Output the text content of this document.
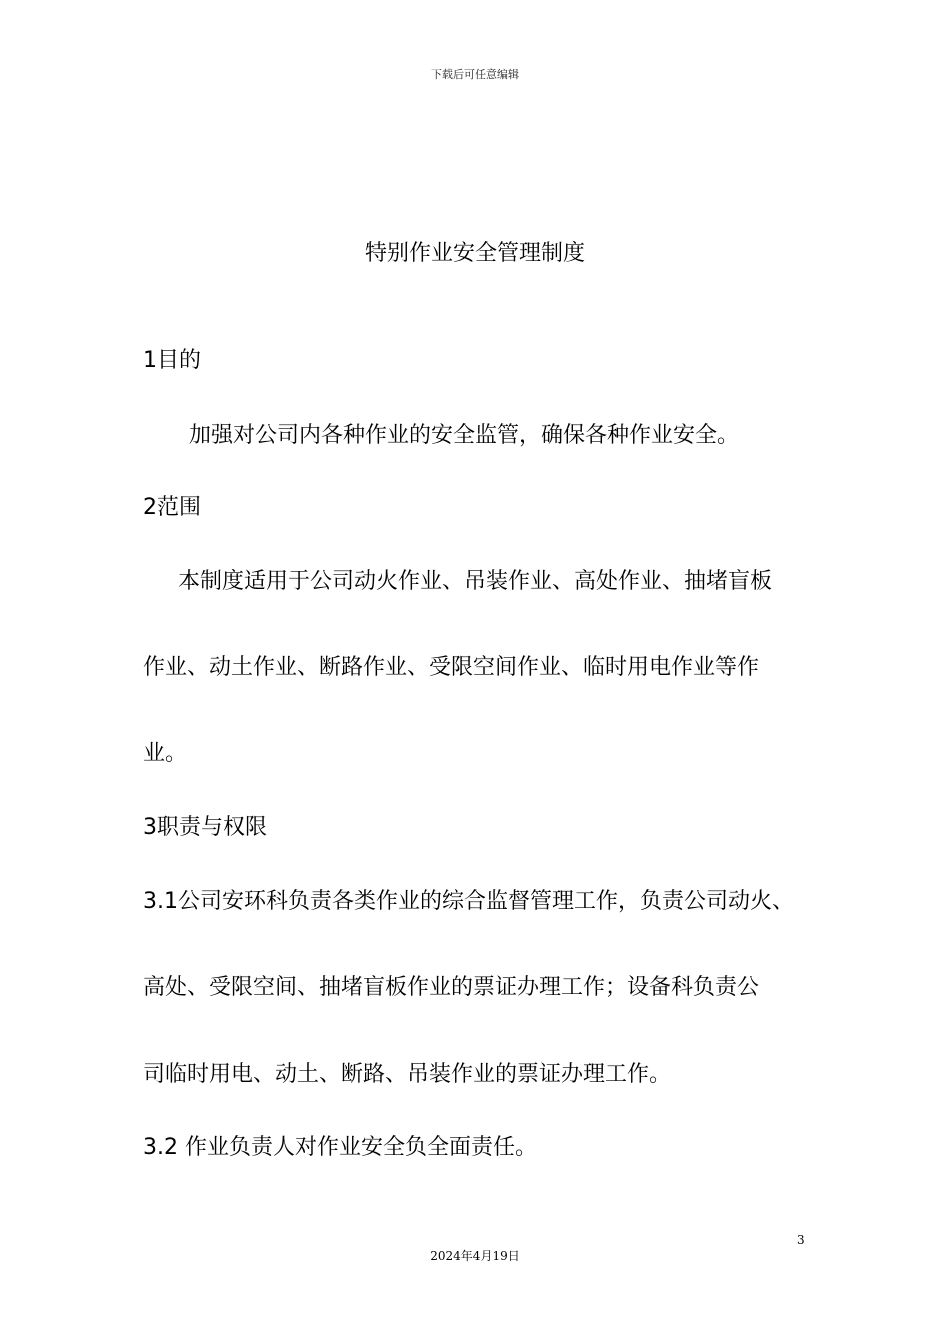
下载后可任意编辑
特别作业安全管理制度
1目的
　加强对公司内各种作业的安全监管，确保各种作业安全。
2范围
本制度适用于公司动火作业、吊装作业、高处作业、抽堵盲板
作业、动土作业、断路作业、受限空间作业、临时用电作业等作
业。
3职责与权限
3.1公司安环科负责各类作业的综合监督管理工作，负责公司动火、
高处、受限空间、抽堵盲板作业的票证办理工作；设备科负责公
司临时用电、动土、断路、吊装作业的票证办理工作。
3.2 作业负责人对作业安全负全面责任。
3
2024年4月19日
